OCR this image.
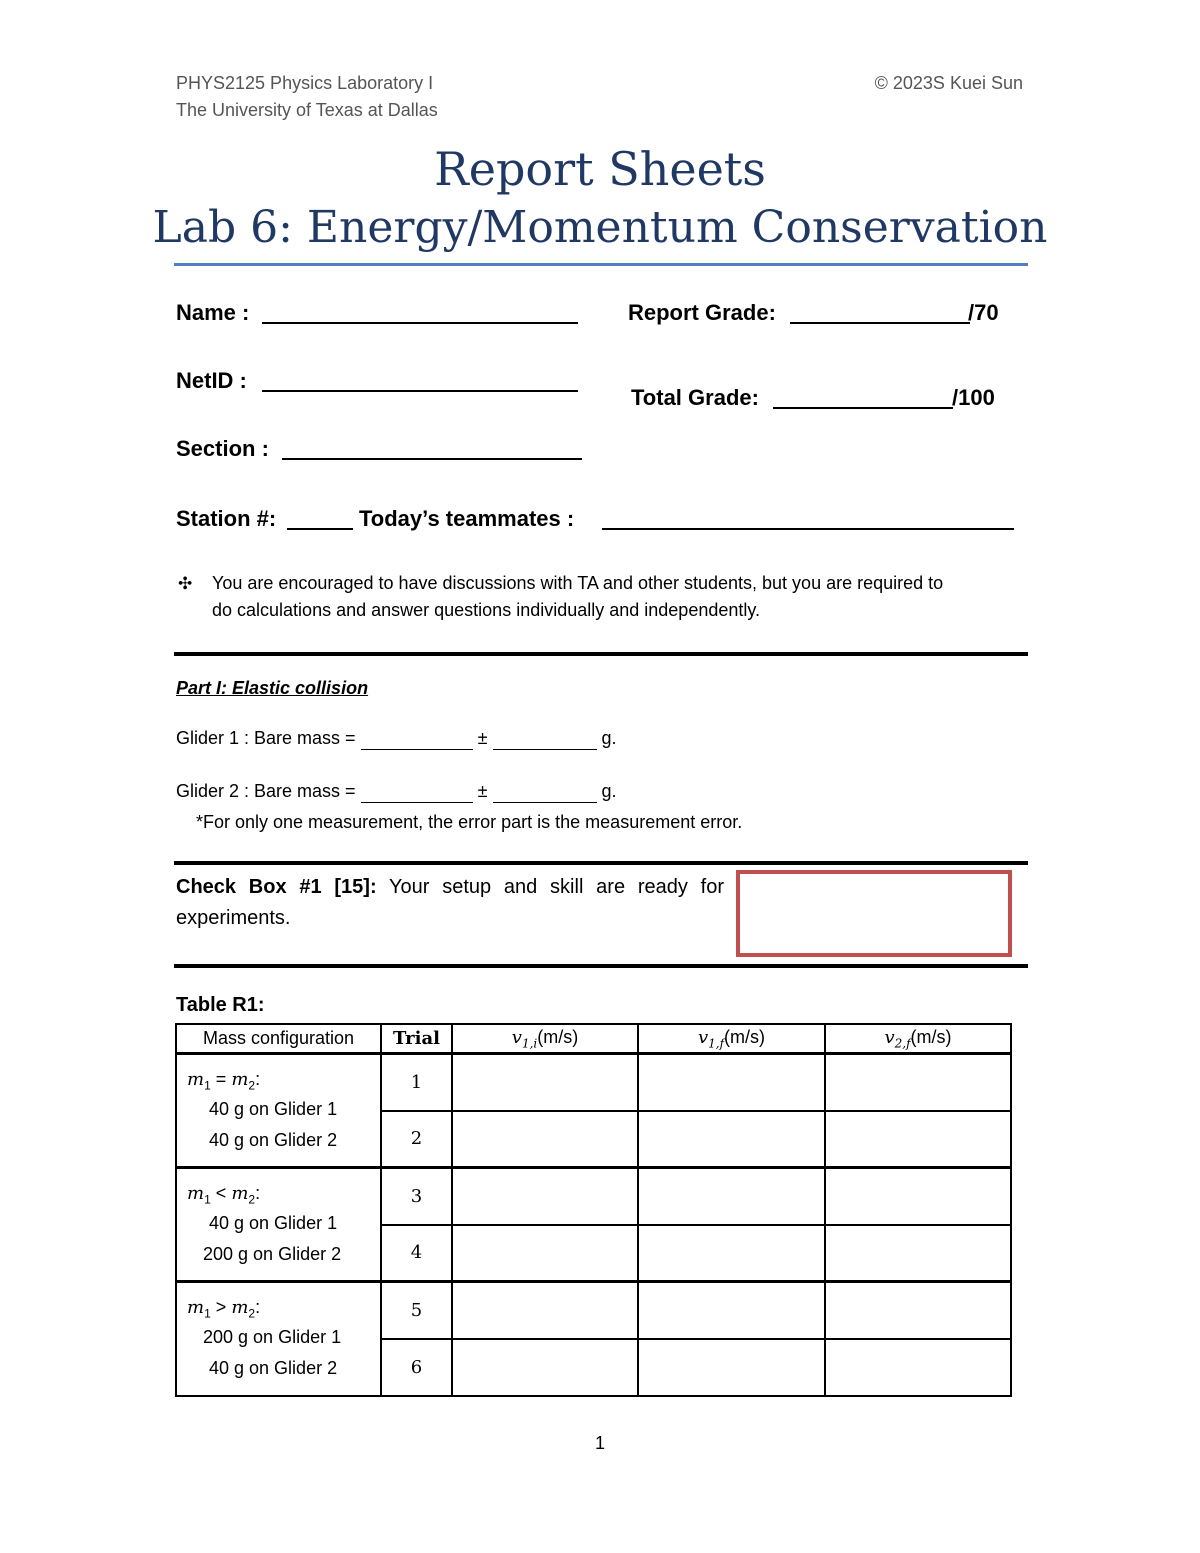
PHYS2125 Physics Laboratory I
The University of Texas at Dallas
© 2023S Kuei Sun
Report Sheets
Lab 6: Energy/Momentum Conservation
Name :	Report Grade:	/70
NetID :
Total Grade:	/100
Section :
Station #:	Today’s teammates :
✣ You are encouraged to have discussions with TA and other students, but you are required to
do calculations and answer questions individually and independently.
Part I: Elastic collision
Glider 1 : Bare mass =	±	g.
Glider 2 : Bare mass =	±	g.
*For only one measurement, the error part is the measurement error.
Check Box #1 [15]: Your setup and skill are ready for
experiments.
Table R1:
Mass configuration	Trial	$v_{1,i}(m/s)$	$v_{1,f}(m/s)$	$v_{2,f}(m/s)$

$m_1 = m_2$:
40 g on Glider 1
40 g on Glider 2	1			
	2			

$m_1 < m_2$:
40 g on Glider 1
200 g on Glider 2	3			
	4			

$m_1 > m_2$:
200 g on Glider 1
40 g on Glider 2	5			
	6			
1
